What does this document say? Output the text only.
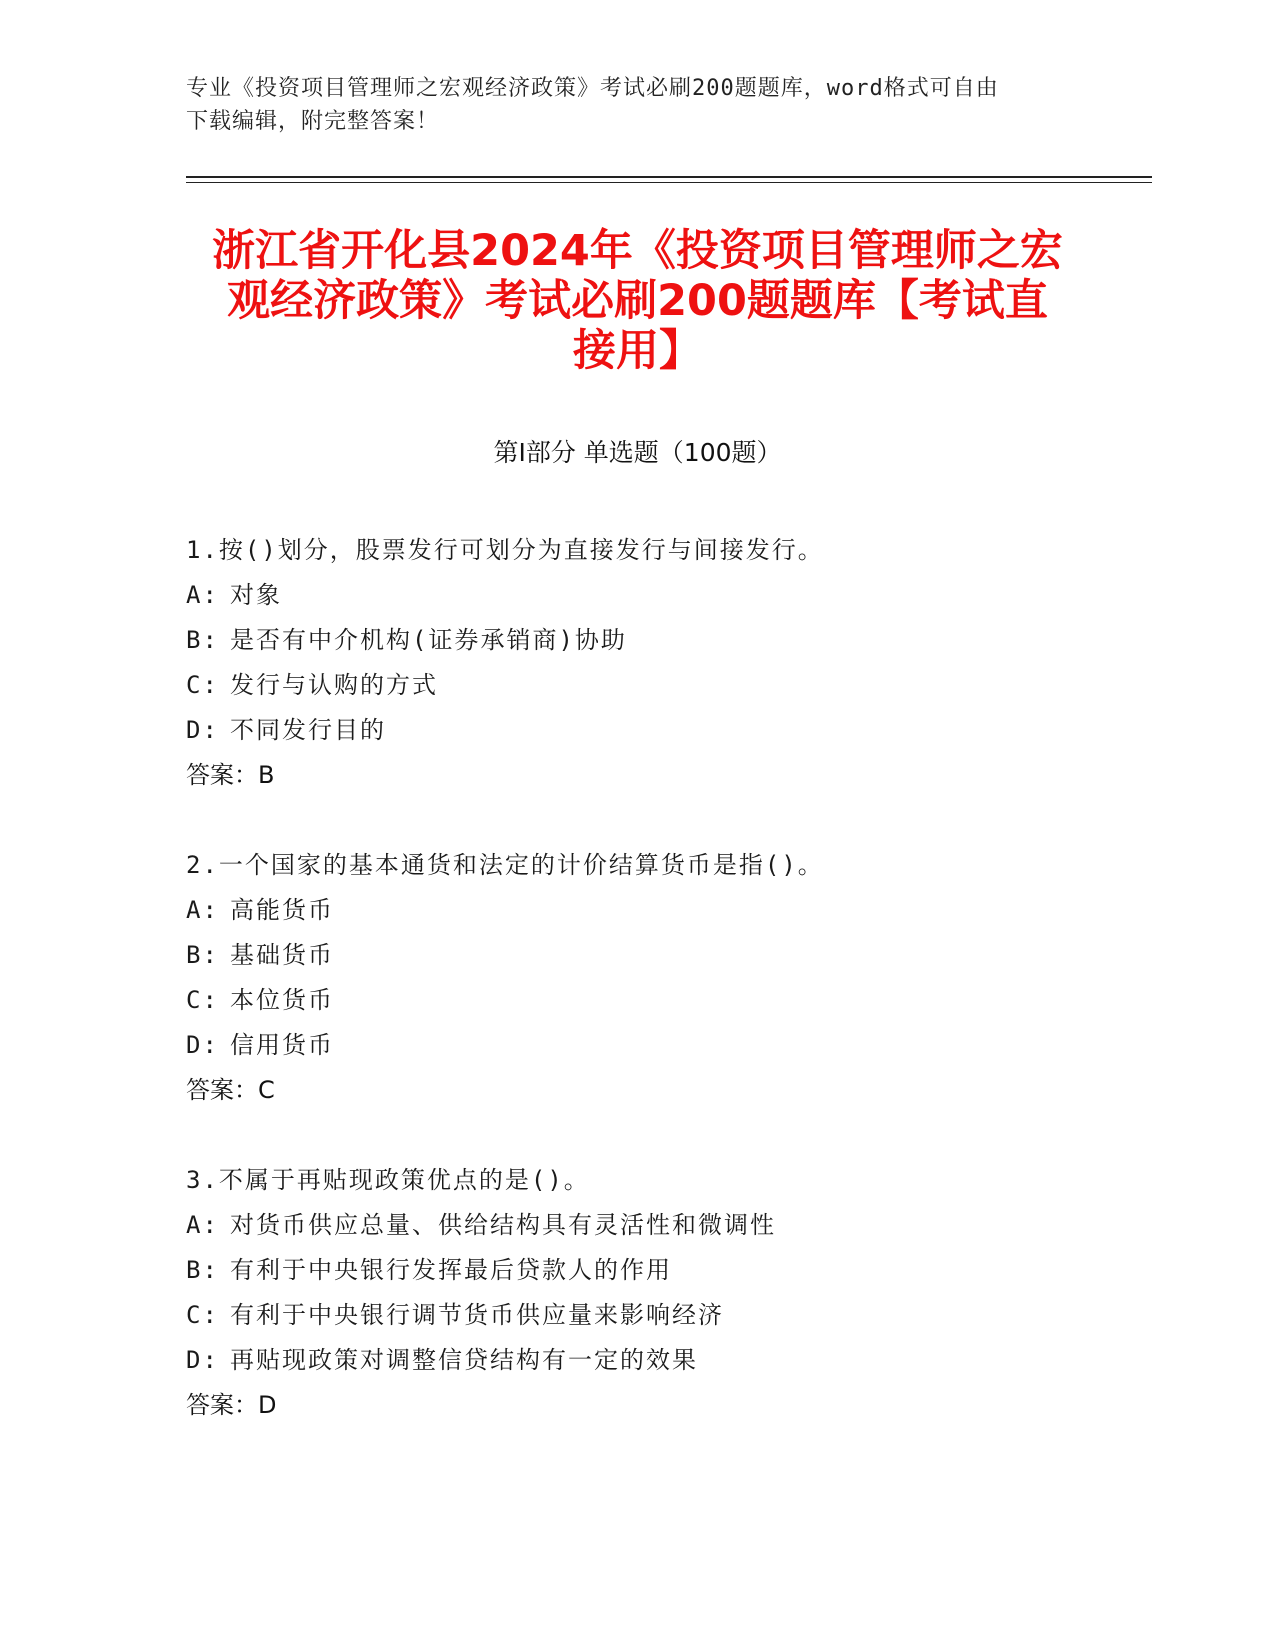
专业《投资项目管理师之宏观经济政策》考试必刷200题题库，word格式可自由
下载编辑，附完整答案！
浙江省开化县2024年《投资项目管理师之宏
观经济政策》考试必刷200题题库【考试直
接用】
第Ⅰ部分 单选题（100题）
1.按()划分，股票发行可划分为直接发行与间接发行。
A: 对象
B: 是否有中介机构(证券承销商)协助
C: 发行与认购的方式
D: 不同发行目的
答案：B
2.一个国家的基本通货和法定的计价结算货币是指()。
A: 高能货币
B: 基础货币
C: 本位货币
D: 信用货币
答案：C
3.不属于再贴现政策优点的是()。
A: 对货币供应总量、供给结构具有灵活性和微调性
B: 有利于中央银行发挥最后贷款人的作用
C: 有利于中央银行调节货币供应量来影响经济
D: 再贴现政策对调整信贷结构有一定的效果
答案：D
